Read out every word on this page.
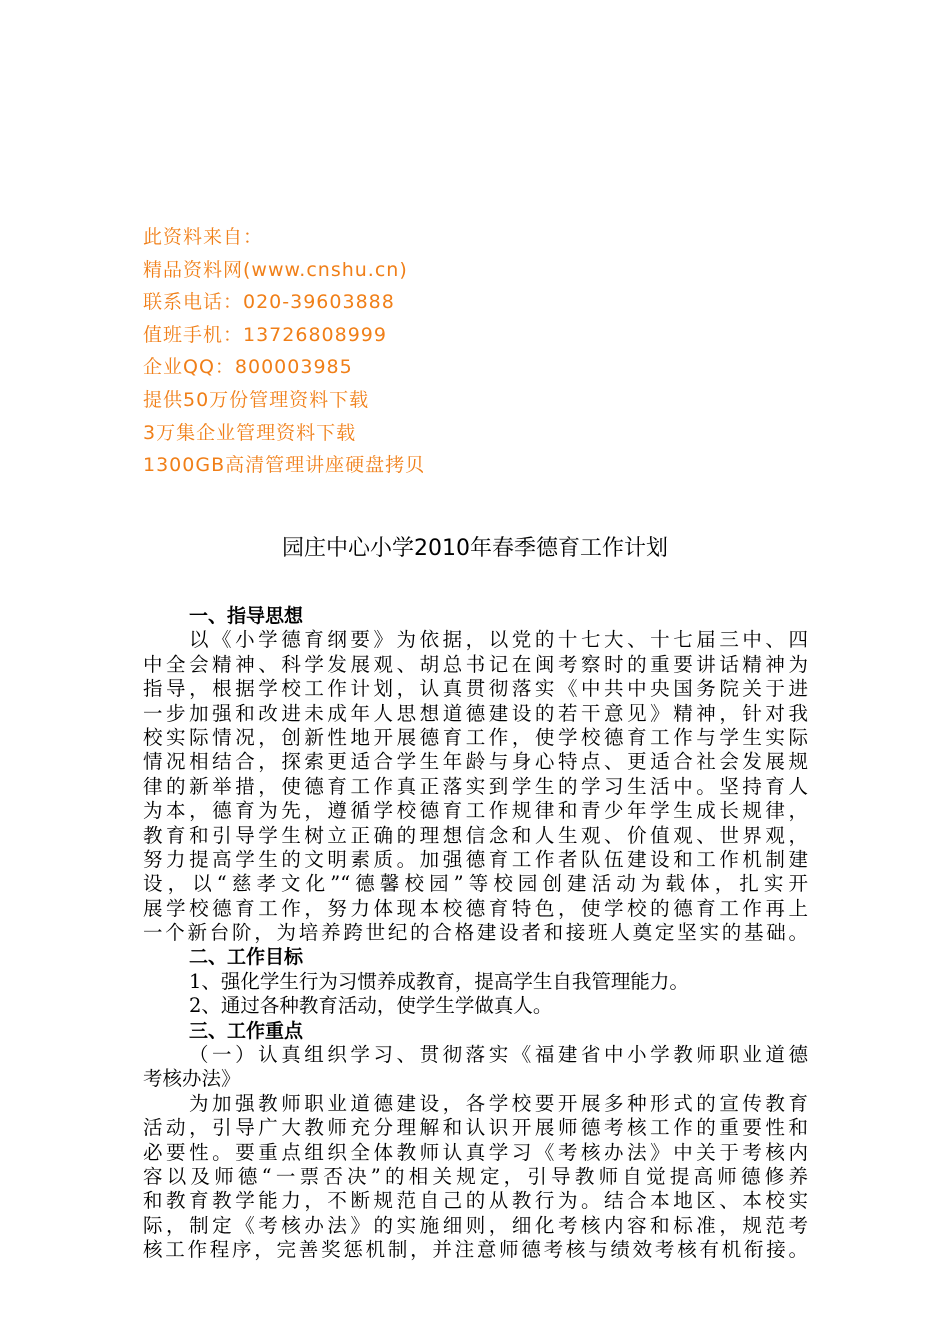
此资料来自：
精品资料网(www.cnshu.cn)
联系电话：020-39603888
值班手机：13726808999
企业QQ：800003985
提供50万份管理资料下载
3万集企业管理资料下载
1300GB高清管理讲座硬盘拷贝
园庄中心小学2010年春季德育工作计划
一、指导思想
以《小学德育纲要》为依据，以党的十七大、十七届三中、四
中全会精神、科学发展观、胡总书记在闽考察时的重要讲话精神为
指导，根据学校工作计划，认真贯彻落实《中共中央国务院关于进
一步加强和改进未成年人思想道德建设的若干意见》精神，针对我
校实际情况，创新性地开展德育工作，使学校德育工作与学生实际
情况相结合，探索更适合学生年龄与身心特点、更适合社会发展规
律的新举措，使德育工作真正落实到学生的学习生活中。坚持育人
为本，德育为先，遵循学校德育工作规律和青少年学生成长规律，
教育和引导学生树立正确的理想信念和人生观、价值观、世界观，
努力提高学生的文明素质。加强德育工作者队伍建设和工作机制建
设，以“慈孝文化”“德馨校园”等校园创建活动为载体，扎实开
展学校德育工作，努力体现本校德育特色，使学校的德育工作再上
一个新台阶，为培养跨世纪的合格建设者和接班人奠定坚实的基础。
二、工作目标
1、强化学生行为习惯养成教育，提高学生自我管理能力。
2、通过各种教育活动，使学生学做真人。
三、工作重点
（一）认真组织学习、贯彻落实《福建省中小学教师职业道德
考核办法》
为加强教师职业道德建设，各学校要开展多种形式的宣传教育
活动，引导广大教师充分理解和认识开展师德考核工作的重要性和
必要性。要重点组织全体教师认真学习《考核办法》中关于考核内
容以及师德“一票否决”的相关规定，引导教师自觉提高师德修养
和教育教学能力，不断规范自己的从教行为。结合本地区、本校实
际，制定《考核办法》的实施细则，细化考核内容和标准，规范考
核工作程序，完善奖惩机制，并注意师德考核与绩效考核有机衔接。
